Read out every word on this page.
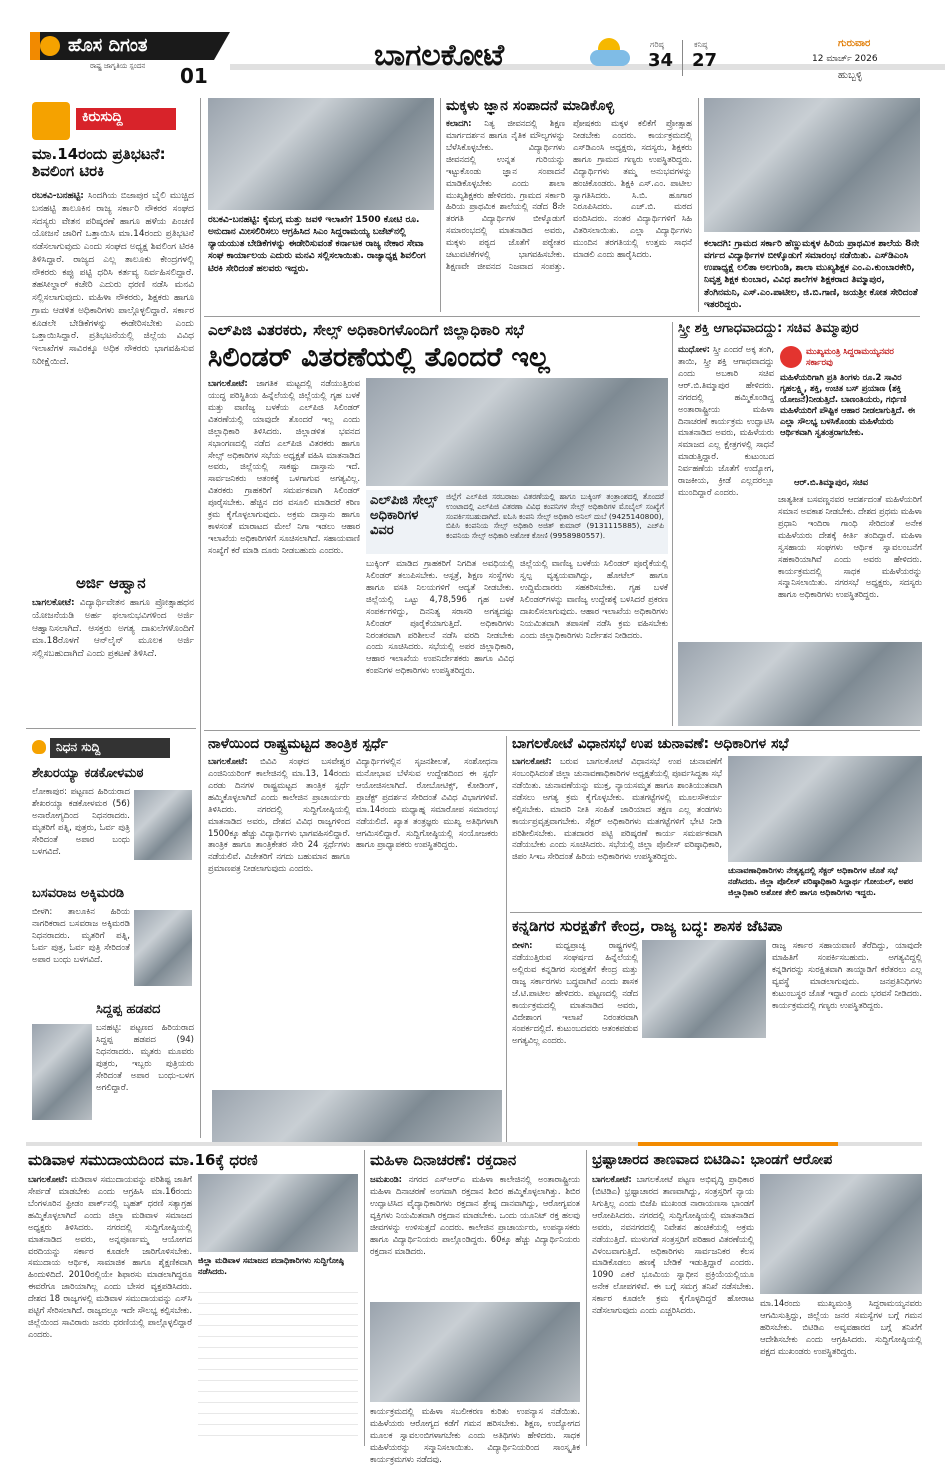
ಹೊಸ ದಿಗಂತ
ರಾಷ್ಟ್ರ ಜಾಗೃತಿಯ ಸ್ಪಂದನ 01
ಬಾಗಲಕೋಟೆ	ಗರಿಷ್ಠ
34
ಕನಿಷ್ಠ
27
ಗುರುವಾರ
12 ಮಾರ್ಚ್ 2026
ಹುಬ್ಬಳ್ಳಿ
ಕಿರುಸುದ್ದಿ
ಮಾ.14ರಂದು ಪ್ರತಿಭಟನೆ: ಶಿವಲಿಂಗ ಟಿರಕಿ
ರಬಕವಿ-ಬನಹಟ್ಟಿ: ಸಿಂದಗಿಯ ಬಿಜಾಪುರ ಬೈಲಿ ಮುಚ್ಚಿದ ಬನಹಟ್ಟಿ ತಾಲೂಕಿನ ರಾಜ್ಯ ಸರ್ಕಾರಿ ನೌಕರರ ಸಂಘದ ಸದಸ್ಯರು ವೇತನ ಪರಿಷ್ಕರಣೆ ಹಾಗೂ ಹಳೆಯ ಪಿಂಚಣಿ ಯೋಜನೆ ಜಾರಿಗೆ ಒತ್ತಾಯಿಸಿ ಮಾ.14ರಂದು ಪ್ರತಿಭಟನೆ ನಡೆಸಲಾಗುವುದು ಎಂದು ಸಂಘದ ಅಧ್ಯಕ್ಷ ಶಿವಲಿಂಗ ಟಿರಕಿ ತಿಳಿಸಿದ್ದಾರೆ. ರಾಜ್ಯದ ಎಲ್ಲ ತಾಲೂಕು ಕೇಂದ್ರಗಳಲ್ಲಿ ನೌಕರರು ಕಪ್ಪು ಪಟ್ಟಿ ಧರಿಸಿ ಕರ್ತವ್ಯ ನಿರ್ವಹಿಸಲಿದ್ದಾರೆ. ತಹಸೀಲ್ದಾರ್ ಕಚೇರಿ ಎದುರು ಧರಣಿ ನಡೆಸಿ ಮನವಿ ಸಲ್ಲಿಸಲಾಗುವುದು. ಮಹಿಳಾ ನೌಕರರು, ಶಿಕ್ಷಕರು ಹಾಗೂ ಗ್ರಾಮ ಆಡಳಿತ ಅಧಿಕಾರಿಗಳು ಪಾಲ್ಗೊಳ್ಳಲಿದ್ದಾರೆ. ಸರ್ಕಾರ ಕೂಡಲೇ ಬೇಡಿಕೆಗಳನ್ನು ಈಡೇರಿಸಬೇಕು ಎಂದು ಒತ್ತಾಯಿಸಿದ್ದಾರೆ. ಪ್ರತಿಭಟನೆಯಲ್ಲಿ ಜಿಲ್ಲೆಯ ವಿವಿಧ ಇಲಾಖೆಗಳ ಸಾವಿರಕ್ಕೂ ಅಧಿಕ ನೌಕರರು ಭಾಗವಹಿಸುವ ನಿರೀಕ್ಷೆಯಿದೆ.
ಅರ್ಜಿ ಆಹ್ವಾನ
ಬಾಗಲಕೋಟೆ: ವಿದ್ಯಾರ್ಥಿವೇತನ ಹಾಗೂ ಪ್ರೋತ್ಸಾಹಧನ ಯೋಜನೆಯಡಿ ಅರ್ಹ ಫಲಾನುಭವಿಗಳಿಂದ ಅರ್ಜಿ ಆಹ್ವಾನಿಸಲಾಗಿದೆ. ಆಸಕ್ತರು ಅಗತ್ಯ ದಾಖಲೆಗಳೊಂದಿಗೆ ಮಾ.18ರೊಳಗೆ ಆನ್‌ಲೈನ್ ಮೂಲಕ ಅರ್ಜಿ ಸಲ್ಲಿಸಬಹುದಾಗಿದೆ ಎಂದು ಪ್ರಕಟಣೆ ತಿಳಿಸಿದೆ.
ನಿಧನ ಸುದ್ದಿ
ಶೇಖರಯ್ಯಾ ಕಡಕೋಳಮಠ
ಲೋಕಾಪುರ: ಪಟ್ಟಣದ ಹಿರಿಯರಾದ ಶೇಖರಯ್ಯಾ ಕಡಕೋಳಮಠ (56) ಅನಾರೋಗ್ಯದಿಂದ ನಿಧನರಾದರು. ಮೃತರಿಗೆ ಪತ್ನಿ, ಪುತ್ರರು, ಓರ್ವ ಪುತ್ರಿ ಸೇರಿದಂತೆ ಅಪಾರ ಬಂಧು ಬಳಗವಿದೆ.
ಬಸವರಾಜ ಅಕ್ಕಿಮರಡಿ
ಬೀಳಗಿ: ತಾಲೂಕಿನ ಹಿರಿಯ ನಾಗರಿಕರಾದ ಬಸವರಾಜ ಅಕ್ಕಿಮರಡಿ ನಿಧನರಾದರು. ಮೃತರಿಗೆ ಪತ್ನಿ, ಓರ್ವ ಪುತ್ರ, ಓರ್ವ ಪುತ್ರಿ ಸೇರಿದಂತೆ ಅಪಾರ ಬಂಧು ಬಳಗವಿದೆ.
ಸಿದ್ದಪ್ಪ ಹಡಪದ
ಬನಹಟ್ಟಿ: ಪಟ್ಟಣದ ಹಿರಿಯರಾದ ಸಿದ್ದಪ್ಪ ಹಡಪದ (94) ನಿಧನರಾದರು. ಮೃತರು ಮೂವರು ಪುತ್ರರು, ಇಬ್ಬರು ಪುತ್ರಿಯರು ಸೇರಿದಂತೆ ಅಪಾರ ಬಂಧು-ಬಳಗ ಅಗಲಿದ್ದಾರೆ.
ರಬಕವಿ-ಬನಹಟ್ಟಿ: ಕೈಮಗ್ಗ ಮತ್ತು ಜವಳಿ ಇಲಾಖೆಗೆ 1500 ಕೋಟಿ ರೂ. ಅನುದಾನ ಮೀಸಲಿರಿಸಲು ಆಗ್ರಹಿಸಿದ ಸಿಎಂ ಸಿದ್ದರಾಮಯ್ಯ ಬಜೆಟ್‌ನಲ್ಲಿ ನ್ಯಾಯಯುತ ಬೇಡಿಕೆಗಳನ್ನು ಈಡೇರಿಸುವಂತೆ ಕರ್ನಾಟಕ ರಾಜ್ಯ ನೇಕಾರ ಸೇವಾ ಸಂಘ ಕಾರ್ಯಾಲಯ ಎದುರು ಮನವಿ ಸಲ್ಲಿಸಲಾಯಿತು. ರಾಜ್ಯಾಧ್ಯಕ್ಷ ಶಿವಲಿಂಗ ಟಿರಕಿ ಸೇರಿದಂತೆ ಹಲವರು ಇದ್ದರು.
ಮಕ್ಕಳು ಜ್ಞಾನ ಸಂಪಾದನೆ ಮಾಡಿಕೊಳ್ಳಿ
ಕಲಾದಗಿ: ನಿತ್ಯ ಜೀವನದಲ್ಲಿ ಶಿಕ್ಷಣ ಮಾರ್ಗದರ್ಶನ ಹಾಗೂ ನೈತಿಕ ಮೌಲ್ಯಗಳನ್ನು ಬೆಳೆಸಿಕೊಳ್ಳಬೇಕು. ವಿದ್ಯಾರ್ಥಿಗಳು ಜೀವನದಲ್ಲಿ ಉನ್ನತ ಗುರಿಯನ್ನು ಇಟ್ಟುಕೊಂಡು ಜ್ಞಾನ ಸಂಪಾದನೆ ಮಾಡಿಕೊಳ್ಳಬೇಕು ಎಂದು ಶಾಲಾ ಮುಖ್ಯಶಿಕ್ಷಕರು ಹೇಳಿದರು. ಗ್ರಾಮದ ಸರ್ಕಾರಿ ಹಿರಿಯ ಪ್ರಾಥಮಿಕ ಶಾಲೆಯಲ್ಲಿ ನಡೆದ 8ನೇ ತರಗತಿ ವಿದ್ಯಾರ್ಥಿಗಳ ಬೀಳ್ಕೊಡುಗೆ ಸಮಾರಂಭದಲ್ಲಿ ಮಾತನಾಡಿದ ಅವರು, ಮಕ್ಕಳು ಪಠ್ಯದ ಜೊತೆಗೆ ಪಠ್ಯೇತರ ಚಟುವಟಿಕೆಗಳಲ್ಲಿ ಭಾಗವಹಿಸಬೇಕು. ಶಿಕ್ಷಣವೇ ಜೀವನದ ನಿಜವಾದ ಸಂಪತ್ತು. ಪೋಷಕರು ಮಕ್ಕಳ ಕಲಿಕೆಗೆ ಪ್ರೋತ್ಸಾಹ ನೀಡಬೇಕು ಎಂದರು. ಕಾರ್ಯಕ್ರಮದಲ್ಲಿ ಎಸ್‌ಡಿಎಂಸಿ ಅಧ್ಯಕ್ಷರು, ಸದಸ್ಯರು, ಶಿಕ್ಷಕರು ಹಾಗೂ ಗ್ರಾಮದ ಗಣ್ಯರು ಉಪಸ್ಥಿತರಿದ್ದರು. ವಿದ್ಯಾರ್ಥಿಗಳು ತಮ್ಮ ಅನುಭವಗಳನ್ನು ಹಂಚಿಕೊಂಡರು. ಶಿಕ್ಷಕಿ ಎಸ್.ಎಂ. ಪಾಟೀಲ ಸ್ವಾಗತಿಸಿದರು. ಸಿ.ಬಿ. ಹೂಗಾರ ನಿರೂಪಿಸಿದರು. ಎಚ್.ಬಿ. ಮಠದ ವಂದಿಸಿದರು. ನಂತರ ವಿದ್ಯಾರ್ಥಿಗಳಿಗೆ ಸಿಹಿ ವಿತರಿಸಲಾಯಿತು. ಎಲ್ಲಾ ವಿದ್ಯಾರ್ಥಿಗಳು ಮುಂದಿನ ತರಗತಿಯಲ್ಲಿ ಉತ್ತಮ ಸಾಧನೆ ಮಾಡಲಿ ಎಂದು ಹಾರೈಸಿದರು.
ಕಲಾದಗಿ: ಗ್ರಾಮದ ಸರ್ಕಾರಿ ಹೆಣ್ಣುಮಕ್ಕಳ ಹಿರಿಯ ಪ್ರಾಥಮಿಕ ಶಾಲೆಯ 8ನೇ ವರ್ಗದ ವಿದ್ಯಾರ್ಥಿಗಳ ಬೀಳ್ಕೊಡುಗೆ ಸಮಾರಂಭ ನಡೆಯಿತು. ಎಸ್‌ಡಿಎಂಸಿ ಉಪಾಧ್ಯಕ್ಷೆ ಲಲಿತಾ ಅಲಗುಂಡಿ, ಶಾಲಾ ಮುಖ್ಯಶಿಕ್ಷಕ ಎಂ.ಎ.ಕುಂಬಾರಕೇರಿ, ನಿವೃತ್ತ ಶಿಕ್ಷಕ ಕುಂಬಾರ, ವಿವಿಧ ಶಾಲೆಗಳ ಶಿಕ್ಷಕರಾದ ತಿಮ್ಮಾಪುರ, ತೆಂಗಿನಮನಿ, ಎಸ್.ಎಂ.ಪಾಟೀಲ, ಜಿ.ಬಿ.ಗಾಣಿ, ಜಯಶ್ರೀ ಕೋತ ಸೇರಿದಂತೆ ಇತರರಿದ್ದರು.
ಎಲ್‌ಪಿಜಿ ವಿತರಕರು, ಸೇಲ್ಸ್ ಅಧಿಕಾರಿಗಳೊಂದಿಗೆ ಜಿಲ್ಲಾಧಿಕಾರಿ ಸಭೆ
ಸಿಲಿಂಡರ್ ವಿತರಣೆಯಲ್ಲಿ ತೊಂದರೆ ಇಲ್ಲ
ಬಾಗಲಕೋಟೆ: ಜಾಗತಿಕ ಮಟ್ಟದಲ್ಲಿ ನಡೆಯುತ್ತಿರುವ ಯುದ್ಧ ಪರಿಸ್ಥಿತಿಯ ಹಿನ್ನೆಲೆಯಲ್ಲಿ ಜಿಲ್ಲೆಯಲ್ಲಿ ಗೃಹ ಬಳಕೆ ಮತ್ತು ವಾಣಿಜ್ಯ ಬಳಕೆಯ ಎಲ್‌ಪಿಜಿ ಸಿಲಿಂಡರ್ ವಿತರಣೆಯಲ್ಲಿ ಯಾವುದೇ ತೊಂದರೆ ಇಲ್ಲ ಎಂದು ಜಿಲ್ಲಾಧಿಕಾರಿ ತಿಳಿಸಿದರು. ಜಿಲ್ಲಾಡಳಿತ ಭವನದ ಸಭಾಂಗಣದಲ್ಲಿ ನಡೆದ ಎಲ್‌ಪಿಜಿ ವಿತರಕರು ಹಾಗೂ ಸೇಲ್ಸ್ ಅಧಿಕಾರಿಗಳ ಸಭೆಯ ಅಧ್ಯಕ್ಷತೆ ವಹಿಸಿ ಮಾತನಾಡಿದ ಅವರು, ಜಿಲ್ಲೆಯಲ್ಲಿ ಸಾಕಷ್ಟು ದಾಸ್ತಾನು ಇದೆ. ಸಾರ್ವಜನಿಕರು ಆತಂಕಕ್ಕೆ ಒಳಗಾಗುವ ಅಗತ್ಯವಿಲ್ಲ. ವಿತರಕರು ಗ್ರಾಹಕರಿಗೆ ಸಮರ್ಪಕವಾಗಿ ಸಿಲಿಂಡರ್ ಪೂರೈಸಬೇಕು. ಹೆಚ್ಚಿನ ದರ ವಸೂಲಿ ಮಾಡಿದರೆ ಕಠಿಣ ಕ್ರಮ ಕೈಗೊಳ್ಳಲಾಗುವುದು. ಅಕ್ರಮ ದಾಸ್ತಾನು ಹಾಗೂ ಕಾಳಸಂತೆ ಮಾರಾಟದ ಮೇಲೆ ನಿಗಾ ಇಡಲು ಆಹಾರ ಇಲಾಖೆಯ ಅಧಿಕಾರಿಗಳಿಗೆ ಸೂಚಿಸಲಾಗಿದೆ. ಸಹಾಯವಾಣಿ ಸಂಖ್ಯೆಗೆ ಕರೆ ಮಾಡಿ ದೂರು ನೀಡಬಹುದು ಎಂದರು.
ಎಲ್‌ಪಿಜಿ ಸೇಲ್ಸ್ ಅಧಿಕಾರಿಗಳ ವಿವರ
ಜಿಲ್ಲೆಗೆ ಎಲ್‌ಪಿಜಿ ಸರಬರಾಜು ವಿತರಣೆಯಲ್ಲಿ ಹಾಗೂ ಬುಕ್ಕಿಂಗ್ ತಂತ್ರಾಂಶದಲ್ಲಿ ತೊಂದರೆ ಉಂಟಾದಲ್ಲಿ ಎಲ್‌ಪಿಜಿ ವಿತರಣಾ ವಿವಿಧ ಕಂಪನಿಗಳ ಸೇಲ್ಸ್ ಅಧಿಕಾರಿಗಳ ಮೊಬೈಲ್ ಸಂಖ್ಯೆಗೆ ಸಂಪರ್ಕಿಸಬಹುದಾಗಿದೆ. ಐಓಸಿ ಕಂಪನಿ ಸೇಲ್ಸ್ ಅಧಿಕಾರಿ ಅನಿಲ್ ದುಬೆ (9425140800), ಬಿಪಿಸಿ ಕಂಪನಿಯ ಸೇಲ್ಸ್ ಅಧಿಕಾರಿ ಅಜಿತ್ ಕುಮಾರ್ (9131115885), ಎಚ್‌ಪಿ ಕಂಪನಿಯ ಸೇಲ್ಸ್ ಅಧಿಕಾರಿ ಅಶೋಕ ಕೋಣಿ (9958980557).
ಬುಕ್ಕಿಂಗ್ ಮಾಡಿದ ಗ್ರಾಹಕರಿಗೆ ನಿಗದಿತ ಅವಧಿಯಲ್ಲಿ ಸಿಲಿಂಡರ್ ತಲುಪಿಸಬೇಕು. ಆಸ್ಪತ್ರೆ, ಶಿಕ್ಷಣ ಸಂಸ್ಥೆಗಳು ಹಾಗೂ ವಸತಿ ನಿಲಯಗಳಿಗೆ ಆದ್ಯತೆ ನೀಡಬೇಕು. ಜಿಲ್ಲೆಯಲ್ಲಿ ಒಟ್ಟು 4,78,596 ಗೃಹ ಬಳಕೆ ಸಂಪರ್ಕಗಳಿದ್ದು, ದಿನನಿತ್ಯ ಸರಾಸರಿ ಅಗತ್ಯದಷ್ಟು ಸಿಲಿಂಡರ್ ಪೂರೈಕೆಯಾಗುತ್ತಿದೆ. ಅಧಿಕಾರಿಗಳು ನಿರಂತರವಾಗಿ ಪರಿಶೀಲನೆ ನಡೆಸಿ ವರದಿ ನೀಡಬೇಕು ಎಂದು ಸೂಚಿಸಿದರು. ಸಭೆಯಲ್ಲಿ ಅಪರ ಜಿಲ್ಲಾಧಿಕಾರಿ, ಆಹಾರ ಇಲಾಖೆಯ ಉಪನಿರ್ದೇಶಕರು ಹಾಗೂ ವಿವಿಧ ಕಂಪನಿಗಳ ಅಧಿಕಾರಿಗಳು ಉಪಸ್ಥಿತರಿದ್ದರು.
ಜಿಲ್ಲೆಯಲ್ಲಿ ವಾಣಿಜ್ಯ ಬಳಕೆಯ ಸಿಲಿಂಡರ್ ಪೂರೈಕೆಯಲ್ಲಿ ಸ್ವಲ್ಪ ವ್ಯತ್ಯಯವಾಗಿದ್ದು, ಹೋಟೆಲ್ ಹಾಗೂ ಉದ್ದಿಮೆದಾರರು ಸಹಕರಿಸಬೇಕು. ಗೃಹ ಬಳಕೆ ಸಿಲಿಂಡರ್‌ಗಳನ್ನು ವಾಣಿಜ್ಯ ಉದ್ದೇಶಕ್ಕೆ ಬಳಸಿದರೆ ಪ್ರಕರಣ ದಾಖಲಿಸಲಾಗುವುದು. ಆಹಾರ ಇಲಾಖೆಯ ಅಧಿಕಾರಿಗಳು ನಿಯಮಿತವಾಗಿ ತಪಾಸಣೆ ನಡೆಸಿ ಕ್ರಮ ವಹಿಸಬೇಕು ಎಂದು ಜಿಲ್ಲಾಧಿಕಾರಿಗಳು ನಿರ್ದೇಶನ ನೀಡಿದರು.
ಸ್ತ್ರೀ ಶಕ್ತಿ ಆಗಾಧವಾದದ್ದು: ಸಚಿವ ತಿಮ್ಮಾಪುರ
ಮುಧೋಳ: ಸ್ತ್ರೀ ಎಂದರೆ ಅಕ್ಕ ತಂಗಿ, ತಾಯಿ, ಸ್ತ್ರೀ ಶಕ್ತಿ ಆಗಾಧವಾದದ್ದು ಎಂದು ಅಬಕಾರಿ ಸಚಿವ ಆರ್.ಬಿ.ತಿಮ್ಮಾಪುರ ಹೇಳಿದರು. ನಗರದಲ್ಲಿ ಹಮ್ಮಿಕೊಂಡಿದ್ದ ಅಂತಾರಾಷ್ಟ್ರೀಯ ಮಹಿಳಾ ದಿನಾಚರಣೆ ಕಾರ್ಯಕ್ರಮ ಉದ್ಘಾಟಿಸಿ ಮಾತನಾಡಿದ ಅವರು, ಮಹಿಳೆಯರು ಸಮಾಜದ ಎಲ್ಲ ಕ್ಷೇತ್ರಗಳಲ್ಲಿ ಸಾಧನೆ ಮಾಡುತ್ತಿದ್ದಾರೆ. ಕುಟುಂಬದ ನಿರ್ವಹಣೆಯ ಜೊತೆಗೆ ಉದ್ಯೋಗ, ರಾಜಕೀಯ, ಕ್ರೀಡೆ ಎಲ್ಲದರಲ್ಲೂ ಮುಂದಿದ್ದಾರೆ ಎಂದರು.
ಮುಖ್ಯಮಂತ್ರಿ ಸಿದ್ದರಾಮಯ್ಯನವರ ಸರ್ಕಾರವು
ಮಹಿಳೆಯರಿಗಾಗಿ ಪ್ರತಿ ತಿಂಗಳು ರೂ.2 ಸಾವಿರ ಗೃಹಲಕ್ಷ್ಮಿ, ಶಕ್ತಿ, ಉಚಿತ ಬಸ್ ಪ್ರಯಾಣ (ಶಕ್ತಿ ಯೋಜನೆ)ನೀಡುತ್ತಿದೆ. ಬಾಣಂತಿಯರು, ಗರ್ಭಿಣಿ ಮಹಿಳೆಯರಿಗೆ ಪೌಷ್ಟಿಕ ಆಹಾರ ನೀಡಲಾಗುತ್ತಿದೆ. ಈ ಎಲ್ಲಾ ಸೌಲಭ್ಯ ಬಳಸಿಕೊಂಡು ಮಹಿಳೆಯರು ಆರ್ಥಿಕವಾಗಿ ಸ್ವತಂತ್ರರಾಗಬೇಕು.
ಆರ್.ಬಿ.ತಿಮ್ಮಾಪುರ, ಸಚಿವ
ಜಾತ್ಯತೀತ ಬಸವಣ್ಣನವರ ಆದರ್ಶದಂತೆ ಮಹಿಳೆಯರಿಗೆ ಸಮಾನ ಅವಕಾಶ ನೀಡಬೇಕು. ದೇಶದ ಪ್ರಥಮ ಮಹಿಳಾ ಪ್ರಧಾನಿ ಇಂದಿರಾ ಗಾಂಧಿ ಸೇರಿದಂತೆ ಅನೇಕ ಮಹಿಳೆಯರು ದೇಶಕ್ಕೆ ಕೀರ್ತಿ ತಂದಿದ್ದಾರೆ. ಮಹಿಳಾ ಸ್ವಸಹಾಯ ಸಂಘಗಳು ಆರ್ಥಿಕ ಸ್ವಾವಲಂಬನೆಗೆ ಸಹಕಾರಿಯಾಗಿವೆ ಎಂದು ಅವರು ಹೇಳಿದರು. ಕಾರ್ಯಕ್ರಮದಲ್ಲಿ ಸಾಧಕ ಮಹಿಳೆಯರನ್ನು ಸನ್ಮಾನಿಸಲಾಯಿತು. ನಗರಸಭೆ ಅಧ್ಯಕ್ಷರು, ಸದಸ್ಯರು ಹಾಗೂ ಅಧಿಕಾರಿಗಳು ಉಪಸ್ಥಿತರಿದ್ದರು.
ನಾಳೆಯಿಂದ ರಾಷ್ಟ್ರಮಟ್ಟದ ತಾಂತ್ರಿಕ ಸ್ಪರ್ಧೆ
ಬಾಗಲಕೋಟೆ: ಬಿವಿವಿ ಸಂಘದ ಬಸವೇಶ್ವರ ಎಂಜಿನಿಯರಿಂಗ್ ಕಾಲೇಜಿನಲ್ಲಿ ಮಾ.13, 14ರಂದು ಎರಡು ದಿನಗಳ ರಾಷ್ಟ್ರಮಟ್ಟದ ತಾಂತ್ರಿಕ ಸ್ಪರ್ಧೆ ಹಮ್ಮಿಕೊಳ್ಳಲಾಗಿದೆ ಎಂದು ಕಾಲೇಜಿನ ಪ್ರಾಚಾರ್ಯರು ತಿಳಿಸಿದರು. ನಗರದಲ್ಲಿ ಸುದ್ದಿಗೋಷ್ಠಿಯಲ್ಲಿ ಮಾತನಾಡಿದ ಅವರು, ದೇಶದ ವಿವಿಧ ರಾಜ್ಯಗಳಿಂದ 1500ಕ್ಕೂ ಹೆಚ್ಚು ವಿದ್ಯಾರ್ಥಿಗಳು ಭಾಗವಹಿಸಲಿದ್ದಾರೆ. ತಾಂತ್ರಿಕ ಹಾಗೂ ತಾಂತ್ರಿಕೇತರ ಸೇರಿ 24 ಸ್ಪರ್ಧೆಗಳು ನಡೆಯಲಿವೆ. ವಿಜೇತರಿಗೆ ನಗದು ಬಹುಮಾನ ಹಾಗೂ ಪ್ರಮಾಣಪತ್ರ ನೀಡಲಾಗುವುದು ಎಂದರು.
ವಿದ್ಯಾರ್ಥಿಗಳಲ್ಲಿನ ಸೃಜನಶೀಲತೆ, ಸಂಶೋಧನಾ ಮನೋಭಾವ ಬೆಳೆಸುವ ಉದ್ದೇಶದಿಂದ ಈ ಸ್ಪರ್ಧೆ ಆಯೋಜಿಸಲಾಗಿದೆ. ರೋಬೋಟಿಕ್ಸ್, ಕೋಡಿಂಗ್, ಪ್ರಾಜೆಕ್ಟ್ ಪ್ರದರ್ಶನ ಸೇರಿದಂತೆ ವಿವಿಧ ವಿಭಾಗಗಳಿವೆ. ಮಾ.14ರಂದು ಮಧ್ಯಾಹ್ನ ಸಮಾರೋಪ ಸಮಾರಂಭ ನಡೆಯಲಿದೆ. ಖ್ಯಾತ ತಂತ್ರಜ್ಞರು ಮುಖ್ಯ ಅತಿಥಿಗಳಾಗಿ ಆಗಮಿಸಲಿದ್ದಾರೆ. ಸುದ್ದಿಗೋಷ್ಠಿಯಲ್ಲಿ ಸಂಯೋಜಕರು ಹಾಗೂ ಪ್ರಾಧ್ಯಾಪಕರು ಉಪಸ್ಥಿತರಿದ್ದರು.
ಬಾಗಲಕೋಟೆ ವಿಧಾನಸಭೆ ಉಪ ಚುನಾವಣೆ: ಅಧಿಕಾರಿಗಳ ಸಭೆ
ಬಾಗಲಕೋಟೆ: ಬರುವ ಬಾಗಲಕೋಟೆ ವಿಧಾನಸಭೆ ಉಪ ಚುನಾವಣೆಗೆ ಸಂಬಂಧಿಸಿದಂತೆ ಜಿಲ್ಲಾ ಚುನಾವಣಾಧಿಕಾರಿಗಳ ಅಧ್ಯಕ್ಷತೆಯಲ್ಲಿ ಪೂರ್ವಸಿದ್ಧತಾ ಸಭೆ ನಡೆಯಿತು. ಚುನಾವಣೆಯನ್ನು ಮುಕ್ತ, ನ್ಯಾಯಸಮ್ಮತ ಹಾಗೂ ಶಾಂತಿಯುತವಾಗಿ ನಡೆಸಲು ಅಗತ್ಯ ಕ್ರಮ ಕೈಗೊಳ್ಳಬೇಕು. ಮತಗಟ್ಟೆಗಳಲ್ಲಿ ಮೂಲಸೌಕರ್ಯ ಕಲ್ಪಿಸಬೇಕು. ಮಾದರಿ ನೀತಿ ಸಂಹಿತೆ ಜಾರಿಯಾದ ತಕ್ಷಣ ಎಲ್ಲ ತಂಡಗಳು ಕಾರ್ಯಪ್ರವೃತ್ತವಾಗಬೇಕು. ಸೆಕ್ಟರ್ ಅಧಿಕಾರಿಗಳು ಮತಗಟ್ಟೆಗಳಿಗೆ ಭೇಟಿ ನೀಡಿ ಪರಿಶೀಲಿಸಬೇಕು. ಮತದಾರರ ಪಟ್ಟಿ ಪರಿಷ್ಕರಣೆ ಕಾರ್ಯ ಸಮರ್ಪಕವಾಗಿ ನಡೆಯಬೇಕು ಎಂದು ಸೂಚಿಸಿದರು. ಸಭೆಯಲ್ಲಿ ಜಿಲ್ಲಾ ಪೊಲೀಸ್ ವರಿಷ್ಠಾಧಿಕಾರಿ, ಜಿಪಂ ಸಿಇಒ ಸೇರಿದಂತೆ ಹಿರಿಯ ಅಧಿಕಾರಿಗಳು ಉಪಸ್ಥಿತರಿದ್ದರು.
ಚುನಾವಣಾಧಿಕಾರಿಗಳು ನೇತೃತ್ವದಲ್ಲಿ ಸೆಕ್ಟರ್ ಅಧಿಕಾರಿಗಳ ಜೊತೆ ಸಭೆ ನಡೆಸಿದರು. ಜಿಲ್ಲಾ ಪೊಲೀಸ್ ವರಿಷ್ಠಾಧಿಕಾರಿ ಸಿದ್ದಾರ್ಥ ಗೋಯಲ್, ಅಪರ ಜಿಲ್ಲಾಧಿಕಾರಿ ಅಶೋಕ ತೇಲಿ ಹಾಗೂ ಅಧಿಕಾರಿಗಳು ಇದ್ದರು.
ಕನ್ನಡಿಗರ ಸುರಕ್ಷತೆಗೆ ಕೇಂದ್ರ, ರಾಜ್ಯ ಬದ್ಧ: ಶಾಸಕ ಜೆಟಿಪಾ
ಬೀಳಗಿ:	ಮಧ್ಯಪ್ರಾಚ್ಯ ರಾಷ್ಟ್ರಗಳಲ್ಲಿ ನಡೆಯುತ್ತಿರುವ ಸಂಘರ್ಷದ ಹಿನ್ನೆಲೆಯಲ್ಲಿ ಅಲ್ಲಿರುವ ಕನ್ನಡಿಗರ ಸುರಕ್ಷತೆಗೆ ಕೇಂದ್ರ ಮತ್ತು ರಾಜ್ಯ ಸರ್ಕಾರಗಳು ಬದ್ಧವಾಗಿವೆ ಎಂದು ಶಾಸಕ ಜೆ.ಟಿ.ಪಾಟೀಲ ಹೇಳಿದರು. ಪಟ್ಟಣದಲ್ಲಿ ನಡೆದ ಕಾರ್ಯಕ್ರಮದಲ್ಲಿ ಮಾತನಾಡಿದ ಅವರು, ವಿದೇಶಾಂಗ ಇಲಾಖೆ ನಿರಂತರವಾಗಿ ಸಂಪರ್ಕದಲ್ಲಿದೆ. ಕುಟುಂಬದವರು ಆತಂಕಪಡುವ ಅಗತ್ಯವಿಲ್ಲ ಎಂದರು.
ರಾಜ್ಯ ಸರ್ಕಾರ ಸಹಾಯವಾಣಿ ತೆರೆದಿದ್ದು, ಯಾವುದೇ ಮಾಹಿತಿಗೆ ಸಂಪರ್ಕಿಸಬಹುದು. ಅಗತ್ಯವಿದ್ದಲ್ಲಿ ಕನ್ನಡಿಗರನ್ನು ಸುರಕ್ಷಿತವಾಗಿ ತಾಯ್ನಾಡಿಗೆ ಕರೆತರಲು ಎಲ್ಲ ವ್ಯವಸ್ಥೆ ಮಾಡಲಾಗುವುದು. ಜನಪ್ರತಿನಿಧಿಗಳು ಕುಟುಂಬಸ್ಥರ ಜೊತೆ ಇದ್ದಾರೆ ಎಂದು ಭರವಸೆ ನೀಡಿದರು. ಕಾರ್ಯಕ್ರಮದಲ್ಲಿ ಗಣ್ಯರು ಉಪಸ್ಥಿತರಿದ್ದರು.
ಮಡಿವಾಳ ಸಮುದಾಯದಿಂದ ಮಾ.16ಕ್ಕೆ ಧರಣಿ
ಬಾಗಲಕೋಟೆ: ಮಡಿವಾಳ ಸಮುದಾಯವನ್ನು ಪರಿಶಿಷ್ಟ ಜಾತಿಗೆ ಸೇರ್ಪಡೆ ಮಾಡಬೇಕು ಎಂದು ಆಗ್ರಹಿಸಿ ಮಾ.16ರಂದು ಬೆಂಗಳೂರಿನ ಫ್ರೀಡಂ ಪಾರ್ಕ್‌ನಲ್ಲಿ ಬೃಹತ್ ಧರಣಿ ಸತ್ಯಾಗ್ರಹ ಹಮ್ಮಿಕೊಳ್ಳಲಾಗಿದೆ ಎಂದು ಜಿಲ್ಲಾ ಮಡಿವಾಳ ಸಮಾಜದ ಅಧ್ಯಕ್ಷರು ತಿಳಿಸಿದರು. ನಗರದಲ್ಲಿ ಸುದ್ದಿಗೋಷ್ಠಿಯಲ್ಲಿ ಮಾತನಾಡಿದ ಅವರು, ಅನ್ನಪೂರ್ಣಮ್ಮ ಆಯೋಗದ ವರದಿಯನ್ನು ಸರ್ಕಾರ ಕೂಡಲೇ ಜಾರಿಗೊಳಿಸಬೇಕು. ಸಮುದಾಯ ಆರ್ಥಿಕ, ಸಾಮಾಜಿಕ ಹಾಗೂ ಶೈಕ್ಷಣಿಕವಾಗಿ ಹಿಂದುಳಿದಿದೆ. 2010ರಲ್ಲಿಯೇ ಶಿಫಾರಸು ಮಾಡಲಾಗಿದ್ದರೂ ಈವರೆಗೂ ಜಾರಿಯಾಗಿಲ್ಲ ಎಂದು ಬೇಸರ ವ್ಯಕ್ತಪಡಿಸಿದರು. ದೇಶದ 18 ರಾಜ್ಯಗಳಲ್ಲಿ ಮಡಿವಾಳ ಸಮುದಾಯವನ್ನು ಎಸ್‌ಸಿ ಪಟ್ಟಿಗೆ ಸೇರಿಸಲಾಗಿದೆ. ರಾಜ್ಯದಲ್ಲೂ ಇದೇ ಸೌಲಭ್ಯ ಕಲ್ಪಿಸಬೇಕು. ಜಿಲ್ಲೆಯಿಂದ ಸಾವಿರಾರು ಜನರು ಧರಣಿಯಲ್ಲಿ ಪಾಲ್ಗೊಳ್ಳಲಿದ್ದಾರೆ ಎಂದರು.
ಜಿಲ್ಲಾ ಮಡಿವಾಳ ಸಮಾಜದ ಪದಾಧಿಕಾರಿಗಳು ಸುದ್ದಿಗೋಷ್ಠಿ ನಡೆಸಿದರು.
ಮಹಿಳಾ ದಿನಾಚರಣೆ: ರಕ್ತದಾನ
ಜಮಖಂಡಿ: ನಗರದ ಎಸ್‌ಆರ್‌ಎ ಮಹಿಳಾ ಕಾಲೇಜಿನಲ್ಲಿ ಅಂತಾರಾಷ್ಟ್ರೀಯ ಮಹಿಳಾ ದಿನಾಚರಣೆ ಅಂಗವಾಗಿ ರಕ್ತದಾನ ಶಿಬಿರ ಹಮ್ಮಿಕೊಳ್ಳಲಾಗಿತ್ತು. ಶಿಬಿರ ಉದ್ಘಾಟಿಸಿದ ವೈದ್ಯಾಧಿಕಾರಿಗಳು ರಕ್ತದಾನ ಶ್ರೇಷ್ಠ ದಾನವಾಗಿದ್ದು, ಆರೋಗ್ಯವಂತ ವ್ಯಕ್ತಿಗಳು ನಿಯಮಿತವಾಗಿ ರಕ್ತದಾನ ಮಾಡಬೇಕು. ಒಂದು ಯೂನಿಟ್ ರಕ್ತ ಹಲವು ಜೀವಗಳನ್ನು ಉಳಿಸುತ್ತದೆ ಎಂದರು. ಕಾಲೇಜಿನ ಪ್ರಾಚಾರ್ಯರು, ಉಪನ್ಯಾಸಕರು ಹಾಗೂ ವಿದ್ಯಾರ್ಥಿನಿಯರು ಪಾಲ್ಗೊಂಡಿದ್ದರು. 60ಕ್ಕೂ ಹೆಚ್ಚು ವಿದ್ಯಾರ್ಥಿನಿಯರು ರಕ್ತದಾನ ಮಾಡಿದರು.
ಕಾರ್ಯಕ್ರಮದಲ್ಲಿ ಮಹಿಳಾ ಸಬಲೀಕರಣ ಕುರಿತು ಉಪನ್ಯಾಸ ನಡೆಯಿತು. ಮಹಿಳೆಯರು ಆರೋಗ್ಯದ ಕಡೆಗೆ ಗಮನ ಹರಿಸಬೇಕು. ಶಿಕ್ಷಣ, ಉದ್ಯೋಗದ ಮೂಲಕ ಸ್ವಾವಲಂಬಿಗಳಾಗಬೇಕು ಎಂದು ಅತಿಥಿಗಳು ಹೇಳಿದರು. ಸಾಧಕ ಮಹಿಳೆಯರನ್ನು ಸನ್ಮಾನಿಸಲಾಯಿತು. ವಿದ್ಯಾರ್ಥಿನಿಯರಿಂದ ಸಾಂಸ್ಕೃತಿಕ ಕಾರ್ಯಕ್ರಮಗಳು ನಡೆದವು.
ಭ್ರಷ್ಟಾಚಾರದ ತಾಣವಾದ ಬಿಟಿಡಿಎ: ಭಾಂಡಗೆ ಆರೋಪ
ಬಾಗಲಕೋಟೆ: ಬಾಗಲಕೋಟೆ ಪಟ್ಟಣ ಅಭಿವೃದ್ಧಿ ಪ್ರಾಧಿಕಾರ (ಬಿಟಿಡಿಎ) ಭ್ರಷ್ಟಾಚಾರದ ತಾಣವಾಗಿದ್ದು, ಸಂತ್ರಸ್ತರಿಗೆ ನ್ಯಾಯ ಸಿಗುತ್ತಿಲ್ಲ ಎಂದು ಬಿಜೆಪಿ ಮುಖಂಡ ನಾರಾಯಣಸಾ ಭಾಂಡಗೆ ಆರೋಪಿಸಿದರು. ನಗರದಲ್ಲಿ ಸುದ್ದಿಗೋಷ್ಠಿಯಲ್ಲಿ ಮಾತನಾಡಿದ ಅವರು, ನವನಗರದಲ್ಲಿ ನಿವೇಶನ ಹಂಚಿಕೆಯಲ್ಲಿ ಅಕ್ರಮ ನಡೆಯುತ್ತಿದೆ. ಮುಳುಗಡೆ ಸಂತ್ರಸ್ತರಿಗೆ ಪರಿಹಾರ ವಿತರಣೆಯಲ್ಲಿ ವಿಳಂಬವಾಗುತ್ತಿದೆ. ಅಧಿಕಾರಿಗಳು ಸಾರ್ವಜನಿಕರ ಕೆಲಸ ಮಾಡಿಕೊಡಲು ಹಣಕ್ಕೆ ಬೇಡಿಕೆ ಇಡುತ್ತಿದ್ದಾರೆ ಎಂದರು. 1090 ಎಕರೆ ಭೂಮಿಯ ಸ್ವಾಧೀನ ಪ್ರಕ್ರಿಯೆಯಲ್ಲಿಯೂ ಅನೇಕ ಲೋಪಗಳಿವೆ. ಈ ಬಗ್ಗೆ ಸಮಗ್ರ ತನಿಖೆ ನಡೆಸಬೇಕು. ಸರ್ಕಾರ ಕೂಡಲೇ ಕ್ರಮ ಕೈಗೊಳ್ಳದಿದ್ದರೆ ಹೋರಾಟ ನಡೆಸಲಾಗುವುದು ಎಂದು ಎಚ್ಚರಿಸಿದರು.
ಮಾ.14ರಂದು ಮುಖ್ಯಮಂತ್ರಿ ಸಿದ್ದರಾಮಯ್ಯನವರು ಆಗಮಿಸುತ್ತಿದ್ದು, ಜಿಲ್ಲೆಯ ಜನರ ಸಮಸ್ಯೆಗಳ ಬಗ್ಗೆ ಗಮನ ಹರಿಸಬೇಕು. ಬಿಟಿಡಿಎ ಅವ್ಯವಹಾರದ ಬಗ್ಗೆ ತನಿಖೆಗೆ ಆದೇಶಿಸಬೇಕು ಎಂದು ಆಗ್ರಹಿಸಿದರು. ಸುದ್ದಿಗೋಷ್ಠಿಯಲ್ಲಿ ಪಕ್ಷದ ಮುಖಂಡರು ಉಪಸ್ಥಿತರಿದ್ದರು.
